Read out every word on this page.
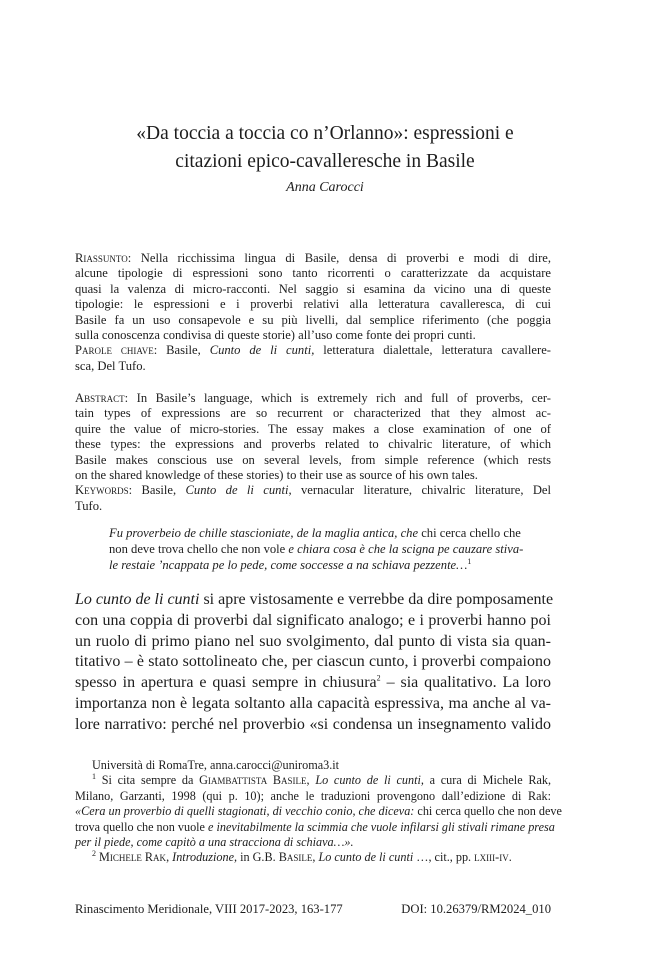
«Da toccia a toccia co n’Orlanno»: espressioni e
citazioni epico-cavalleresche in Basile
Anna Carocci
Riassunto: Nella ricchissima lingua di Basile, densa di proverbi e modi di dire,
alcune tipologie di espressioni sono tanto ricorrenti o caratterizzate da acquistare
quasi la valenza di micro-racconti. Nel saggio si esamina da vicino una di queste
tipologie: le espressioni e i proverbi relativi alla letteratura cavalleresca, di cui
Basile fa un uso consapevole e su più livelli, dal semplice riferimento (che poggia
sulla conoscenza condivisa di queste storie) all’uso come fonte dei propri cunti.
Parole chiave: Basile, Cunto de li cunti, letteratura dialettale, letteratura cavallere-
sca, Del Tufo.
Abstract: In Basile’s language, which is extremely rich and full of proverbs, cer-
tain types of expressions are so recurrent or characterized that they almost ac-
quire the value of micro-stories. The essay makes a close examination of one of
these types: the expressions and proverbs related to chivalric literature, of which
Basile makes conscious use on several levels, from simple reference (which rests
on the shared knowledge of these stories) to their use as source of his own tales.
Keywords: Basile, Cunto de li cunti, vernacular literature, chivalric literature, Del
Tufo.
Fu proverbeio de chille stascioniate, de la maglia antica, che chi cerca chello che
non deve trova chello che non vole e chiara cosa è che la scigna pe cauzare stiva-
le restaie ’ncappata pe lo pede, come soccesse a na schiava pezzente…$^1$
Lo cunto de li cunti si apre vistosamente e verrebbe da dire pomposamente
con una coppia di proverbi dal significato analogo; e i proverbi hanno poi
un ruolo di primo piano nel suo svolgimento, dal punto di vista sia quan-
titativo – è stato sottolineato che, per ciascun cunto, i proverbi compaiono
spesso in apertura e quasi sempre in chiusura$^2$ – sia qualitativo. La loro
importanza non è legata soltanto alla capacità espressiva, ma anche al va-
lore narrativo: perché nel proverbio «si condensa un insegnamento valido
Università di RomaTre, anna.carocci@uniroma3.it
$^1$ Si cita sempre da Giambattista Basile, Lo cunto de li cunti, a cura di Michele Rak,
Milano, Garzanti, 1998 (qui p. 10); anche le traduzioni provengono dall’edizione di Rak:
«Cera un proverbio di quelli stagionati, di vecchio conio, che diceva: chi cerca quello che non deve
trova quello che non vuole e inevitabilmente la scimmia che vuole infilarsi gli stivali rimane presa
per il piede, come capitò a una stracciona di schiava…».
$^2$ Michele Rak, Introduzione, in G.B. Basile, Lo cunto de li cunti …, cit., pp. lxiii-iv.
Rinascimento Meridionale, VIII 2017-2023, 163-177	DOI: 10.26379/RM2024_010
